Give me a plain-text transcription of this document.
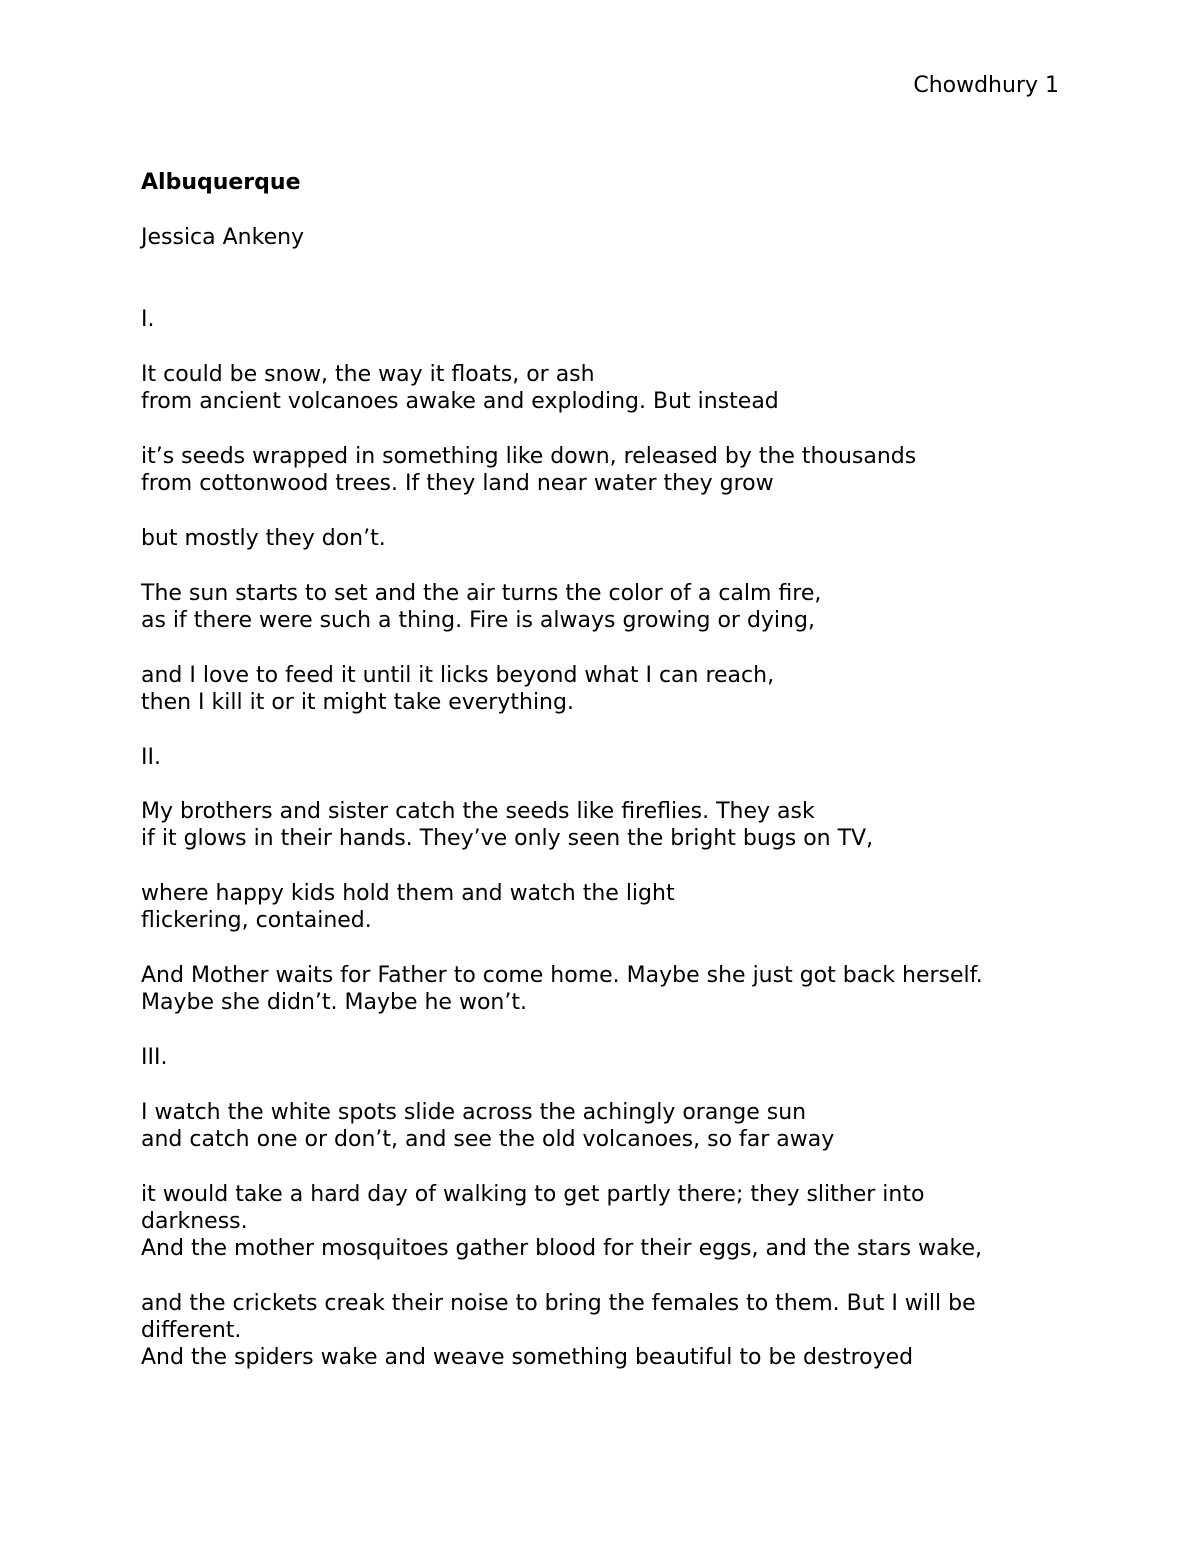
Chowdhury 1
Albuquerque
Jessica Ankeny
I.
It could be snow, the way it floats, or ash
from ancient volcanoes awake and exploding. But instead
it’s seeds wrapped in something like down, released by the thousands
from cottonwood trees. If they land near water they grow
but mostly they don’t.
The sun starts to set and the air turns the color of a calm fire,
as if there were such a thing. Fire is always growing or dying,
and I love to feed it until it licks beyond what I can reach,
then I kill it or it might take everything.
II.
My brothers and sister catch the seeds like fireflies. They ask
if it glows in their hands. They’ve only seen the bright bugs on TV,
where happy kids hold them and watch the light
flickering, contained.
And Mother waits for Father to come home. Maybe she just got back herself.
Maybe she didn’t. Maybe he won’t.
III.
I watch the white spots slide across the achingly orange sun
and catch one or don’t, and see the old volcanoes, so far away
it would take a hard day of walking to get partly there; they slither into
darkness.
And the mother mosquitoes gather blood for their eggs, and the stars wake,
and the crickets creak their noise to bring the females to them. But I will be
different.
And the spiders wake and weave something beautiful to be destroyed
